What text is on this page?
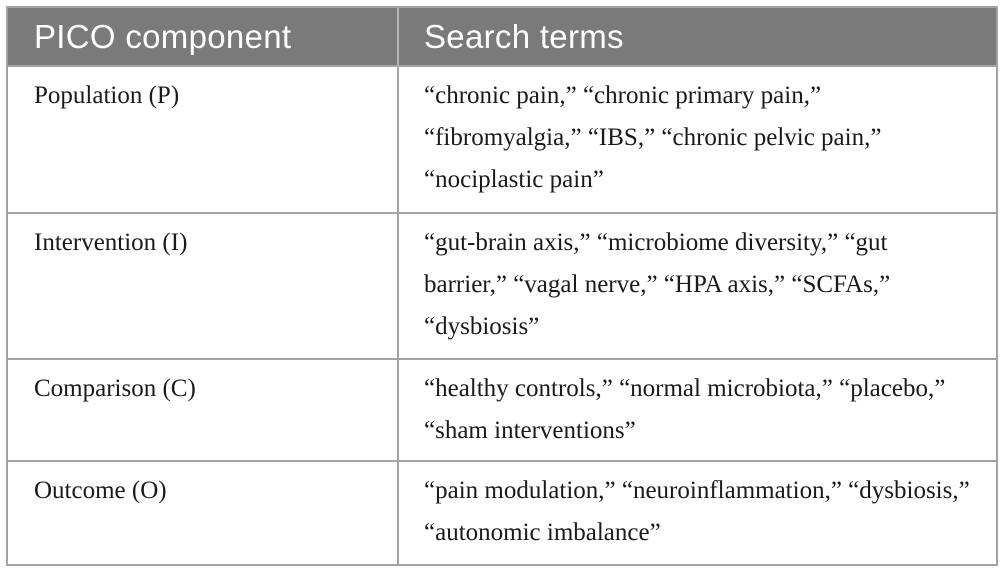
PICO component	Search terms
Population (P)	“chronic pain,” “chronic primary pain,” “fibromyalgia,” “IBS,” “chronic pelvic pain,” “nociplastic pain”
Intervention (I)	“gut-brain axis,” “microbiome diversity,” “gut barrier,” “vagal nerve,” “HPA axis,” “SCFAs,” “dysbiosis”
Comparison (C)	“healthy controls,” “normal microbiota,” “placebo,” “sham interventions”
Outcome (O)	“pain modulation,” “neuroinflammation,” “dysbiosis,” “autonomic imbalance”
